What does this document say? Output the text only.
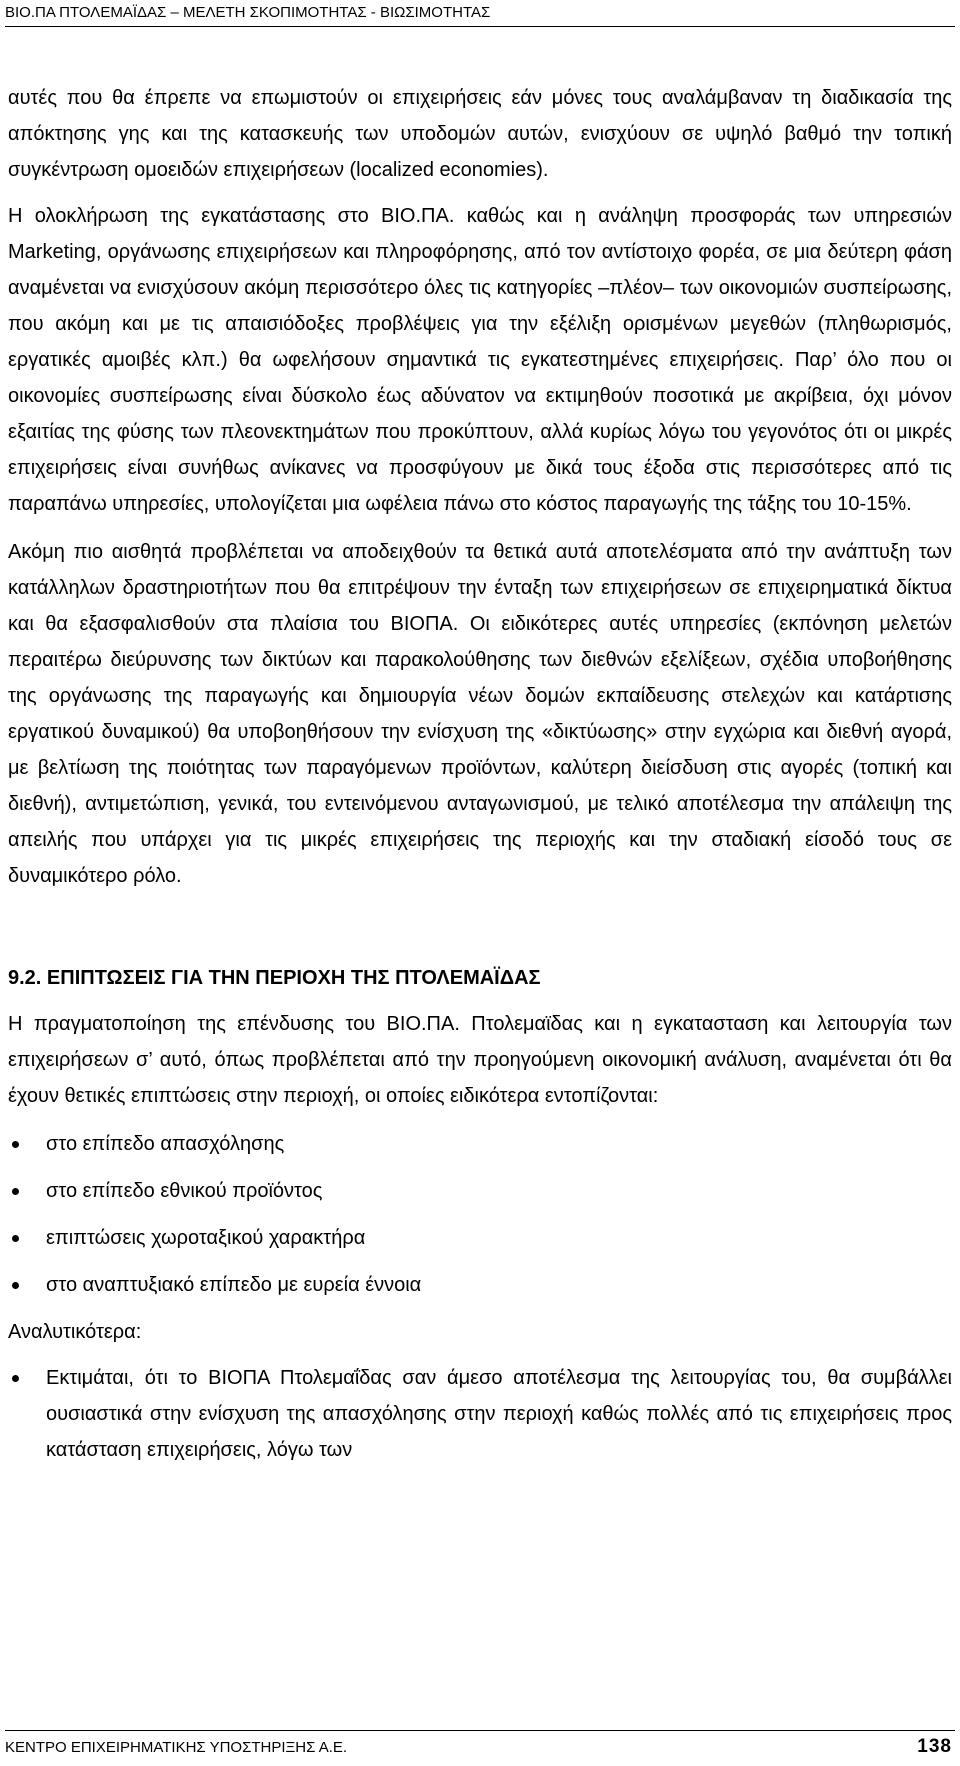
ΒΙΟ.ΠΑ ΠΤΟΛΕΜΑΪΔΑΣ – ΜΕΛΕΤΗ ΣΚΟΠΙΜΟΤΗΤΑΣ - ΒΙΩΣΙΜΟΤΗΤΑΣ

αυτές που θα έπρεπε να επωμιστούν οι επιχειρήσεις εάν μόνες τους αναλάμβαναν τη διαδικασία της απόκτησης γης και της κατασκευής των υποδομών αυτών, ενισχύουν σε υψηλό βαθμό την τοπική συγκέντρωση ομοειδών επιχειρήσεων (localized economies).

Η ολοκλήρωση της εγκατάστασης στο ΒΙΟ.ΠΑ. καθώς και η ανάληψη προσφοράς των υπηρεσιών Marketing, οργάνωσης επιχειρήσεων και πληροφόρησης, από τον αντίστοιχο φορέα, σε μια δεύτερη φάση αναμένεται να ενισχύσουν ακόμη περισσότερο όλες τις κατηγορίες –πλέον– των οικονομιών συσπείρωσης, που ακόμη και με τις απαισιόδοξες προβλέψεις για την εξέλιξη ορισμένων μεγεθών (πληθωρισμός, εργατικές αμοιβές κλπ.) θα ωφελήσουν σημαντικά τις εγκατεστημένες επιχειρήσεις. Παρ’ όλο που οι οικονομίες συσπείρωσης είναι δύσκολο έως αδύνατον να εκτιμηθούν ποσοτικά με ακρίβεια, όχι μόνον εξαιτίας της φύσης των πλεονεκτημάτων που προκύπτουν, αλλά κυρίως λόγω του γεγονότος ότι οι μικρές επιχειρήσεις είναι συνήθως ανίκανες να προσφύγουν με δικά τους έξοδα στις περισσότερες από τις παραπάνω υπηρεσίες, υπολογίζεται μια ωφέλεια πάνω στο κόστος παραγωγής της τάξης του 10-15%.

Ακόμη πιο αισθητά προβλέπεται να αποδειχθούν τα θετικά αυτά αποτελέσματα από την ανάπτυξη των κατάλληλων δραστηριοτήτων που θα επιτρέψουν την ένταξη των επιχειρήσεων σε επιχειρηματικά δίκτυα και θα εξασφαλισθούν στα πλαίσια του ΒΙΟΠΑ. Οι ειδικότερες αυτές υπηρεσίες (εκπόνηση μελετών περαιτέρω διεύρυνσης των δικτύων και παρακολούθησης των διεθνών εξελίξεων, σχέδια υποβοήθησης της οργάνωσης της παραγωγής και δημιουργία νέων δομών εκπαίδευσης στελεχών και κατάρτισης εργατικού δυναμικού) θα υποβοηθήσουν την ενίσχυση της «δικτύωσης» στην εγχώρια και διεθνή αγορά, με βελτίωση της ποιότητας των παραγόμενων προϊόντων, καλύτερη διείσδυση στις αγορές (τοπική και διεθνή), αντιμετώπιση, γενικά, του εντεινόμενου ανταγωνισμού, με τελικό αποτέλεσμα την απάλειψη της απειλής που υπάρχει για τις μικρές επιχειρήσεις της περιοχής και την σταδιακή είσοδό τους σε δυναμικότερο ρόλο.

9.2. ΕΠΙΠΤΩΣΕΙΣ ΓΙΑ ΤΗΝ ΠΕΡΙΟΧΗ ΤΗΣ ΠΤΟΛΕΜΑΪΔΑΣ

Η πραγματοποίηση της επένδυσης του ΒΙΟ.ΠΑ. Πτολεμαϊδας και η εγκατασταση και λειτουργία των επιχειρήσεων σ’ αυτό, όπως προβλέπεται από την προηγούμενη οικονομική ανάλυση, αναμένεται ότι θα έχουν θετικές επιπτώσεις στην περιοχή, οι οποίες ειδικότερα εντοπίζονται:

στο επίπεδο απασχόλησης
στο επίπεδο εθνικού προϊόντος
επιπτώσεις χωροταξικού χαρακτήρα
στο αναπτυξιακό επίπεδο με ευρεία έννοια

Αναλυτικότερα:

Εκτιμάται, ότι το ΒΙΟΠΑ Πτολεμαΐδας σαν άμεσο αποτέλεσμα της λειτουργίας του, θα συμβάλλει ουσιαστικά στην ενίσχυση της απασχόλησης στην περιοχή καθώς πολλές από τις επιχειρήσεις προς κατάσταση επιχειρήσεις, λόγω των
ΚΕΝΤΡΟ ΕΠΙΧΕΙΡΗΜΑΤΙΚΗΣ ΥΠΟΣΤΗΡΙΞΗΣ Α.Ε.	138
